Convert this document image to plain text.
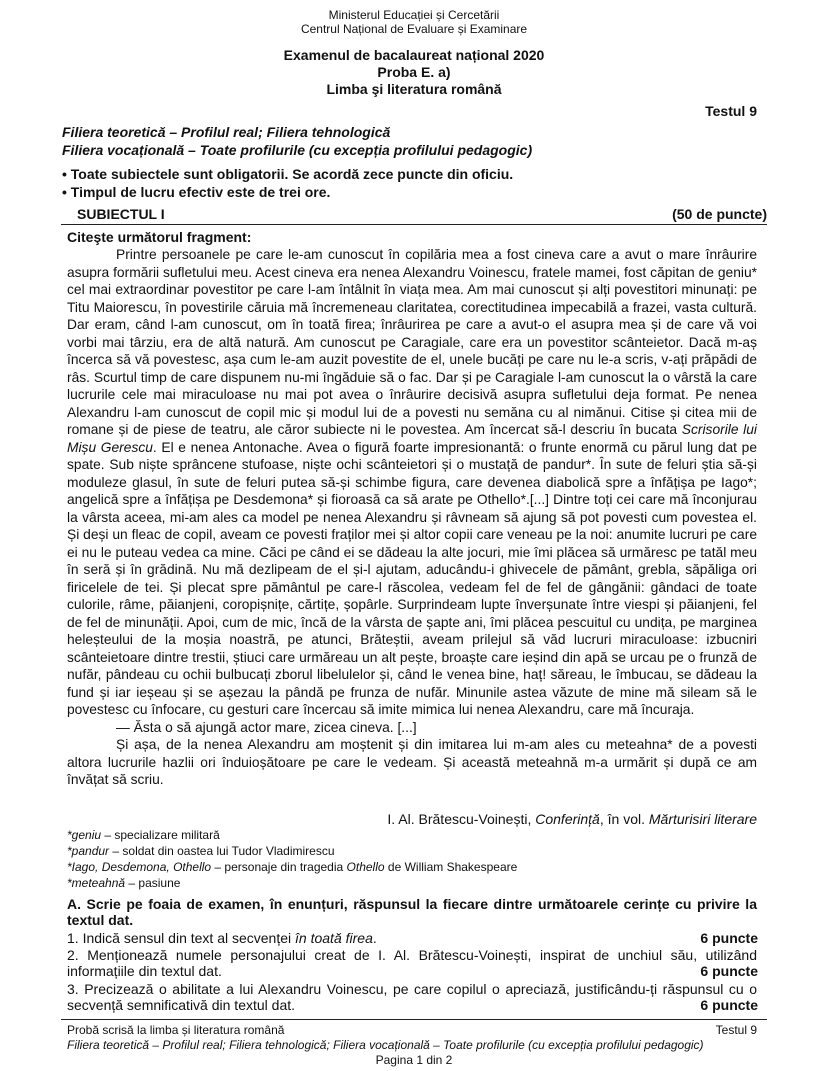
Ministerul Educației și Cercetării
Centrul Național de Evaluare și Examinare
Examenul de bacalaureat național 2020
Proba E. a)
Limba şi literatura română
Testul 9
Filiera teoretică – Profilul real; Filiera tehnologică
Filiera vocațională – Toate profilurile (cu excepția profilului pedagogic)
• Toate subiectele sunt obligatorii. Se acordă zece puncte din oficiu.
• Timpul de lucru efectiv este de trei ore.
SUBIECTUL I	(50 de puncte)
Citeşte următorul fragment:

Printre persoanele pe care le-am cunoscut în copilăria mea a fost cineva care a avut o mare înrâurire asupra formării sufletului meu. Acest cineva era nenea Alexandru Voinescu, fratele mamei, fost căpitan de geniu* cel mai extraordinar povestitor pe care l-am întâlnit în viața mea. Am mai cunoscut și alți povestitori minunați: pe Titu Maiorescu, în povestirile căruia mă încremeneau claritatea, corectitudinea impecabilă a frazei, vasta cultură. Dar eram, când l-am cunoscut, om în toată firea; înrâurirea pe care a avut-o el asupra mea și de care vă voi vorbi mai târziu, era de altă natură. Am cunoscut pe Caragiale, care era un povestitor scânteietor. Dacă m-aș încerca să vă povestesc, așa cum le-am auzit povestite de el, unele bucăți pe care nu le-a scris, v-ați prăpădi de râs. Scurtul timp de care dispunem nu-mi îngăduie să o fac. Dar și pe Caragiale l-am cunoscut la o vârstă la care lucrurile cele mai miraculoase nu mai pot avea o înrâurire decisivă asupra sufletului deja format. Pe nenea Alexandru l-am cunoscut de copil mic și modul lui de a povesti nu semăna cu al nimănui. Citise și citea mii de romane și de piese de teatru, ale căror subiecte ni le povestea. Am încercat să-l descriu în bucata Scrisorile lui Mișu Gerescu. El e nenea Antonache. Avea o figură foarte impresionantă: o frunte enormă cu părul lung dat pe spate. Sub niște sprâncene stufoase, niște ochi scânteietori și o mustață de pandur*. În sute de feluri știa să-și moduleze glasul, în sute de feluri putea să-și schimbe figura, care devenea diabolică spre a înfățișa pe Iago*; angelică spre a înfățișa pe Desdemona* și fioroasă ca să arate pe Othello*.[...] Dintre toți cei care mă înconjurau la vârsta aceea, mi-am ales ca model pe nenea Alexandru și râvneam să ajung să pot povesti cum povestea el. Și deși un fleac de copil, aveam ce povesti fraților mei și altor copii care veneau pe la noi: anumite lucruri pe care ei nu le puteau vedea ca mine. Căci pe când ei se dădeau la alte jocuri, mie îmi plăcea să urmăresc pe tatăl meu în seră și în grădină. Nu mă dezlipeam de el și-l ajutam, aducându-i ghivecele de pământ, grebla, săpăliga ori firicelele de tei. Și plecat spre pământul pe care-l răscolea, vedeam fel de fel de gângănii: gândaci de toate culorile, râme, păianjeni, coropișnițe, cărtițe, șopârle. Surprindeam lupte înverșunate între viespi și păianjeni, fel de fel de minunății. Apoi, cum de mic, încă de la vârsta de șapte ani, îmi plăcea pescuitul cu undița, pe marginea heleșteului de la moșia noastră, pe atunci, Brăteștii, aveam prilejul să văd lucruri miraculoase: izbucniri scânteietoare dintre trestii, știuci care urmăreau un alt pește, broaște care ieșind din apă se urcau pe o frunză de nufăr, pândeau cu ochii bulbucați zborul libelulelor și, când le venea bine, haț! săreau, le îmbucau, se dădeau la fund și iar ieșeau și se așezau la pândă pe frunza de nufăr. Minunile astea văzute de mine mă sileam să le povestesc cu înfocare, cu gesturi care încercau să imite mimica lui nenea Alexandru, care mă încuraja.

— Ăsta o să ajungă actor mare, zicea cineva. [...]

Și așa, de la nenea Alexandru am moștenit și din imitarea lui m-am ales cu meteahna* de a povesti altora lucrurile hazlii ori înduioșătoare pe care le vedeam. Și această meteahnă m-a urmărit și după ce am învățat să scriu.

I. Al. Brătescu-Voinești, Conferință, în vol. Mărturisiri literare
*geniu – specializare militară
*pandur – soldat din oastea lui Tudor Vladimirescu
*Iago, Desdemona, Othello – personaje din tragedia Othello de William Shakespeare
*meteahnă – pasiune
A. Scrie pe foaia de examen, în enunțuri, răspunsul la fiecare dintre următoarele cerințe cu privire la textul dat.
1. Indică sensul din text al secvenței în toată firea.	6 puncte
2. Menționează numele personajului creat de I. Al. Brătescu-Voinești, inspirat de unchiul său, utilizând informațiile din textul dat.	6 puncte
3. Precizează o abilitate a lui Alexandru Voinescu, pe care copilul o apreciază, justificându-ți răspunsul cu o secvență semnificativă din textul dat.	6 puncte
Probă scrisă la limba și literatura română	Testul 9
Filiera teoretică – Profilul real; Filiera tehnologică; Filiera vocațională – Toate profilurile (cu excepția profilului pedagogic)
Pagina 1 din 2
